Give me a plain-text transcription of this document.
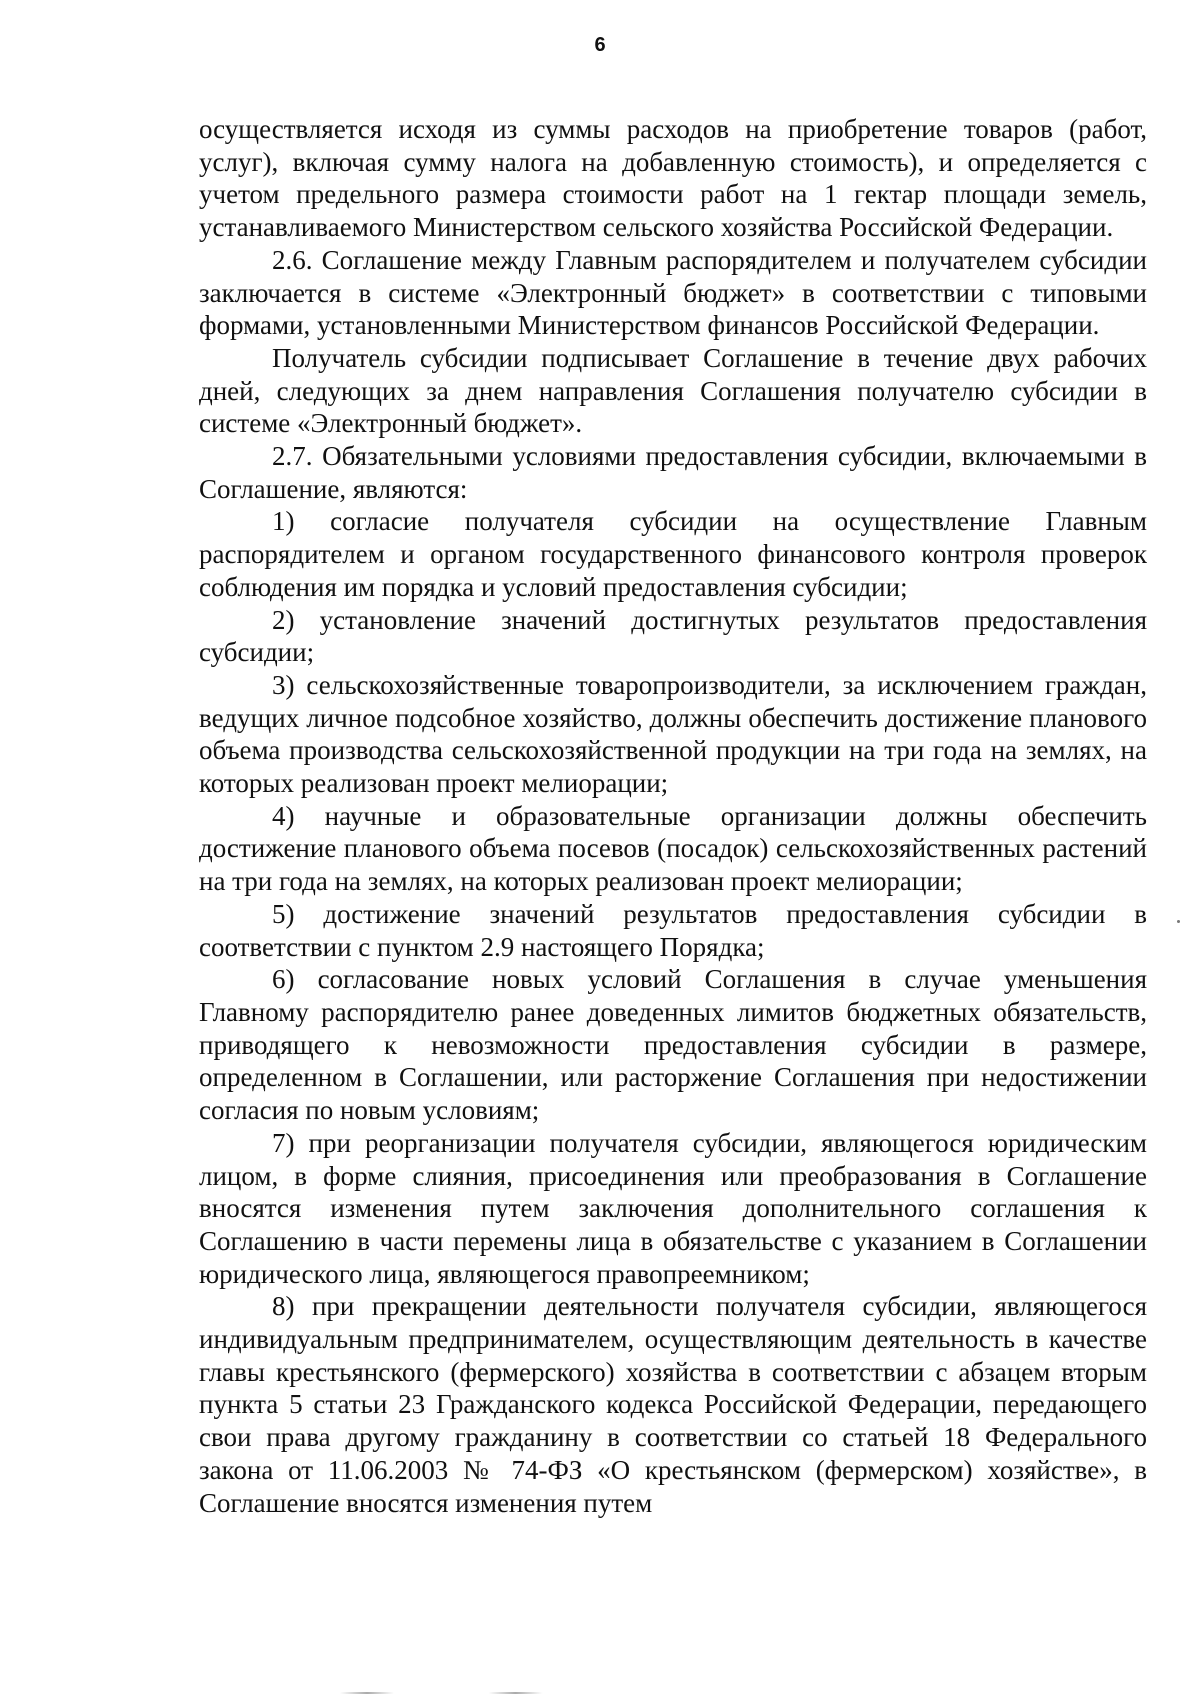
6

осуществляется исходя из суммы расходов на приобретение товаров (работ, услуг), включая сумму налога на добавленную стоимость), и определяется с учетом предельного размера стоимости работ на 1 гектар площади земель, устанавливаемого Министерством сельского хозяйства Российской Федерации.

2.6. Соглашение между Главным распорядителем и получателем субсидии заключается в системе «Электронный бюджет» в соответствии с типовыми формами, установленными Министерством финансов Российской Федерации.

Получатель субсидии подписывает Соглашение в течение двух рабочих дней, следующих за днем направления Соглашения получателю субсидии в системе «Электронный бюджет».

2.7. Обязательными условиями предоставления субсидии, включаемыми в Соглашение, являются:

1) согласие получателя субсидии на осуществление Главным распорядителем и органом государственного финансового контроля проверок соблюдения им порядка и условий предоставления субсидии;

2) установление значений достигнутых результатов предоставления субсидии;

3) сельскохозяйственные товаропроизводители, за исключением граждан, ведущих личное подсобное хозяйство, должны обеспечить достижение планового объема производства сельскохозяйственной продукции на три года на землях, на которых реализован проект мелиорации;

4) научные и образовательные организации должны обеспечить достижение планового объема посевов (посадок) сельскохозяйственных растений на три года на землях, на которых реализован проект мелиорации;

5) достижение значений результатов предоставления субсидии в соответствии с пунктом 2.9 настоящего Порядка;

6) согласование новых условий Соглашения в случае уменьшения Главному распорядителю ранее доведенных лимитов бюджетных обязательств, приводящего к невозможности предоставления субсидии в размере, определенном в Соглашении, или расторжение Соглашения при недостижении согласия по новым условиям;

7) при реорганизации получателя субсидии, являющегося юридическим лицом, в форме слияния, присоединения или преобразования в Соглашение вносятся изменения путем заключения дополнительного соглашения к Соглашению в части перемены лица в обязательстве с указанием в Соглашении юридического лица, являющегося правопреемником;

8) при прекращении деятельности получателя субсидии, являющегося индивидуальным предпринимателем, осуществляющим деятельность в качестве главы крестьянского (фермерского) хозяйства в соответствии с абзацем вторым пункта 5 статьи 23 Гражданского кодекса Российской Федерации, передающего свои права другому гражданину в соответствии со статьей 18 Федерального закона от 11.06.2003 № 74-ФЗ «О крестьянском (фермерском) хозяйстве», в Соглашение вносятся изменения путем
